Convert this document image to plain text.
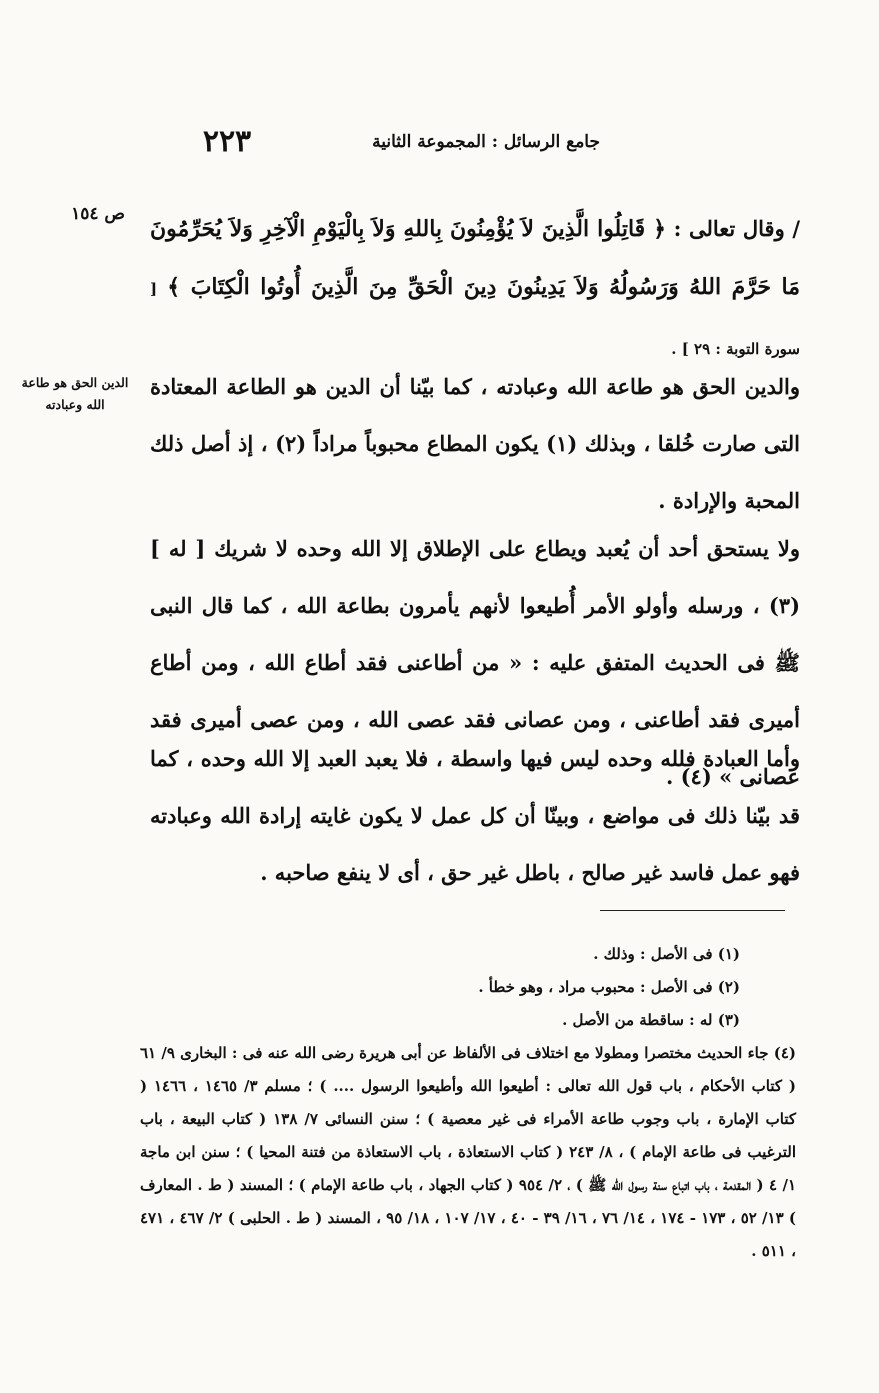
جامع الرسائل : المجموعة الثانية
٢٢٣
ص ١٥٤

/ وقال تعالى : ﴿ قَاتِلُوا الَّذِينَ لاَ يُؤْمِنُونَ بِاللهِ وَلاَ بِالْيَوْمِ الْآخِرِ وَلاَ يُحَرِّمُونَ مَا حَرَّمَ اللهُ وَرَسُولُهُ وَلاَ يَدِينُونَ دِينَ الْحَقِّ مِنَ الَّذِينَ أُوتُوا الْكِتَابَ ﴾ [ سورة التوبة : ٢٩ ] .

الدين الحق هو طاعة الله وعبادته

والدين الحق هو طاعة الله وعبادته ، كما بيّنا أن الدين هو الطاعة المعتادة التى صارت خُلقا ، وبذلك (١) يكون المطاع محبوباً مراداً (٢) ، إذ أصل ذلك المحبة والإرادة .

ولا يستحق أحد أن يُعبد ويطاع على الإطلاق إلا الله وحده لا شريك [ له ] (٣) ، ورسله وأولو الأمر أُطيعوا لأنهم يأمرون بطاعة الله ، كما قال النبى ﷺ فى الحديث المتفق عليه : « من أطاعنى فقد أطاع الله ، ومن أطاع أميرى فقد أطاعنى ، ومن عصانى فقد عصى الله ، ومن عصى أميرى فقد عصانى » (٤) .

وأما العبادة فلله وحده ليس فيها واسطة ، فلا يعبد العبد إلا الله وحده ، كما قد بيّنا ذلك فى مواضع ، وبينّا أن كل عمل لا يكون غايته إرادة الله وعبادته فهو عمل فاسد غير صالح ، باطل غير حق ، أى لا ينفع صاحبه .

(١) فى الأصل : وذلك .

(٢) فى الأصل : محبوب مراد ، وهو خطأ .

(٣) له : ساقطة من الأصل .

(٤) جاء الحديث مختصرا ومطولا مع اختلاف فى الألفاظ عن أبى هريرة رضى الله عنه فى : البخارى ٩/ ٦١ ( كتاب الأحكام ، باب قول الله تعالى : أطيعوا الله وأطيعوا الرسول .... ) ؛ مسلم ٣/ ١٤٦٥ ، ١٤٦٦ ( كتاب الإمارة ، باب وجوب طاعة الأمراء فى غير معصية ) ؛ سنن النسائى ٧/ ١٣٨ ( كتاب البيعة ، باب الترغيب فى طاعة الإمام ) ، ٨/ ٢٤٣ ( كتاب الاستعاذة ، باب الاستعاذة من فتنة المحيا ) ؛ سنن ابن ماجة ١/ ٤ ( المقدمة ، باب اتباع سنة رسول الله ﷺ ) ، ٢/ ٩٥٤ ( كتاب الجهاد ، باب طاعة الإمام ) ؛ المسند ( ط . المعارف ) ١٣/ ٥٢ ، ١٧٣ - ١٧٤ ، ١٤/ ٧٦ ، ١٦/ ٣٩ - ٤٠ ، ١٧/ ١٠٧ ، ١٨/ ٩٥ ، المسند ( ط . الحلبى ) ٢/ ٤٦٧ ، ٤٧١ ، ٥١١ .
